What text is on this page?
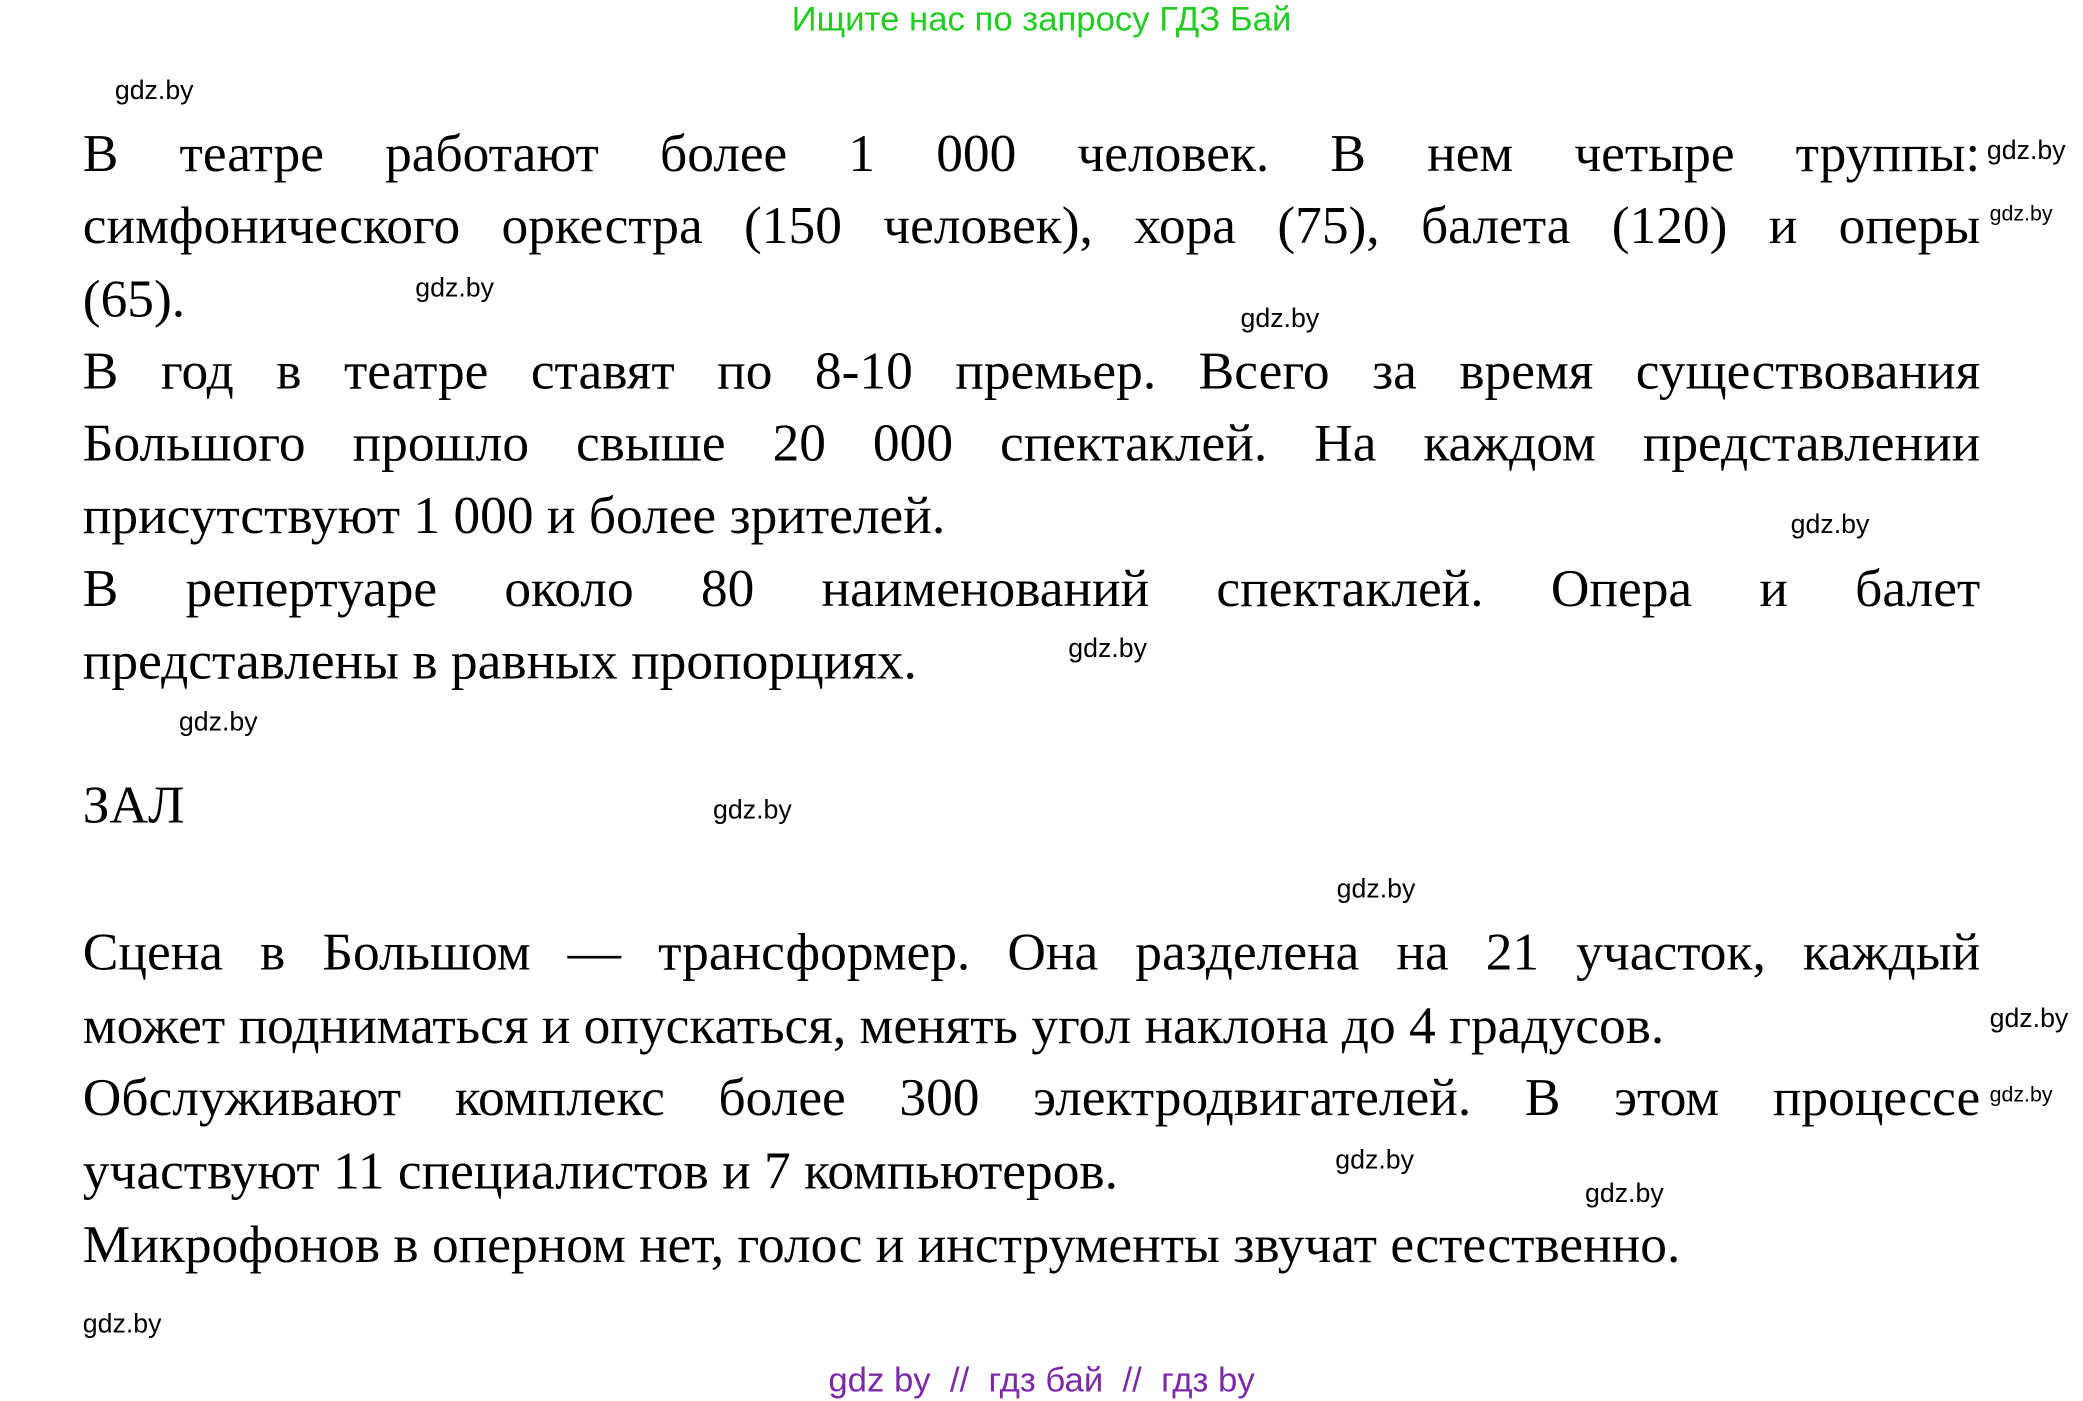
Ищите нас по запросу ГДЗ Бай
В театре работают более 1 000 человек. В нем четыре труппы:
симфонического оркестра (150 человек), хора (75), балета (120) и оперы
(65).
В год в театре ставят по 8-10 премьер. Всего за время существования
Большого прошло свыше 20 000 спектаклей. На каждом представлении
присутствуют 1 000 и более зрителей.
В репертуаре около 80 наименований спектаклей. Опера и балет
представлены в равных пропорциях.
ЗАЛ
Сцена в Большом — трансформер. Она разделена на 21 участок, каждый
может подниматься и опускаться, менять угол наклона до 4 градусов.
Обслуживают комплекс более 300 электродвигателей. В этом процессе
участвуют 11 специалистов и 7 компьютеров.
Микрофонов в оперном нет, голос и инструменты звучат естественно.
gdz.by
gdz.by
gdz.by
gdz.by
gdz.by
gdz.by
gdz.by
gdz.by
gdz.by
gdz.by
gdz.by
gdz.by
gdz.by
gdz.by
gdz.by
gdz by  //  гдз бай  //  гдз by
